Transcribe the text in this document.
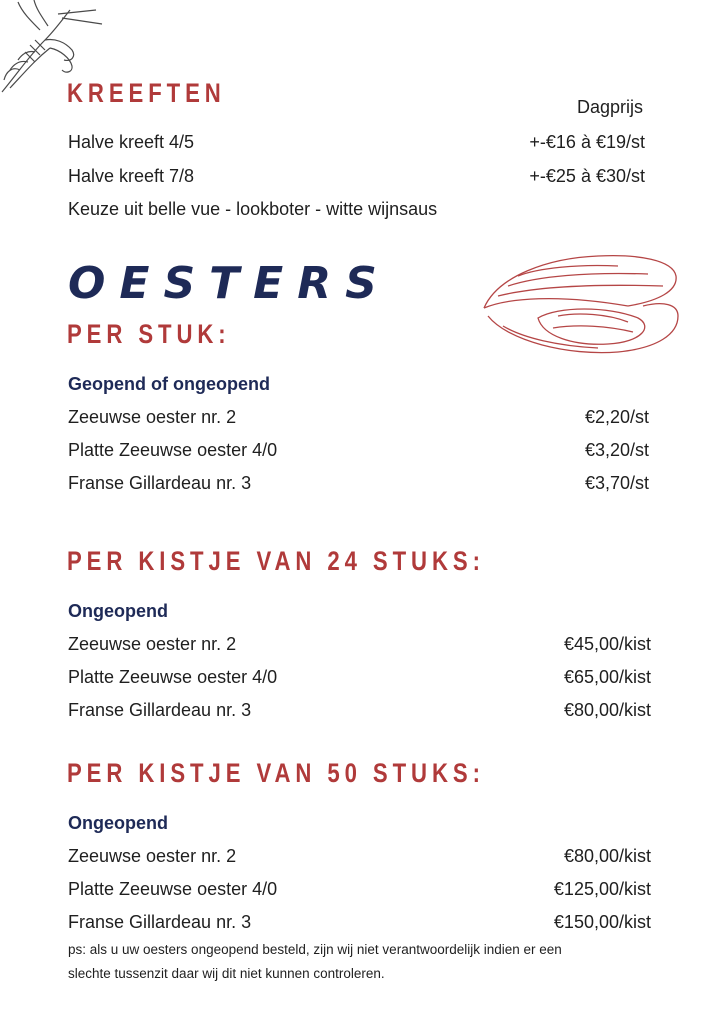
KREEFTEN	Dagprijs
Halve kreeft 4/5	+-€16 à €19/st
Halve kreeft 7/8	+-€25 à €30/st
Keuze uit belle vue - lookboter - witte wijnsaus
OESTERS
PER STUK:
Geopend of ongeopend
Zeeuwse oester nr. 2	€2,20/st
Platte Zeeuwse oester 4/0	€3,20/st
Franse Gillardeau nr. 3	€3,70/st
PER KISTJE VAN 24 STUKS:
Ongeopend
Zeeuwse oester nr. 2	€45,00/kist
Platte Zeeuwse oester 4/0	€65,00/kist
Franse Gillardeau nr. 3	€80,00/kist
PER KISTJE VAN 50 STUKS:
Ongeopend
Zeeuwse oester nr. 2	€80,00/kist
Platte Zeeuwse oester 4/0	€125,00/kist
Franse Gillardeau nr. 3	€150,00/kist
ps: als u uw oesters ongeopend besteld, zijn wij niet verantwoordelijk indien er een
slechte tussenzit daar wij dit niet kunnen controleren.
